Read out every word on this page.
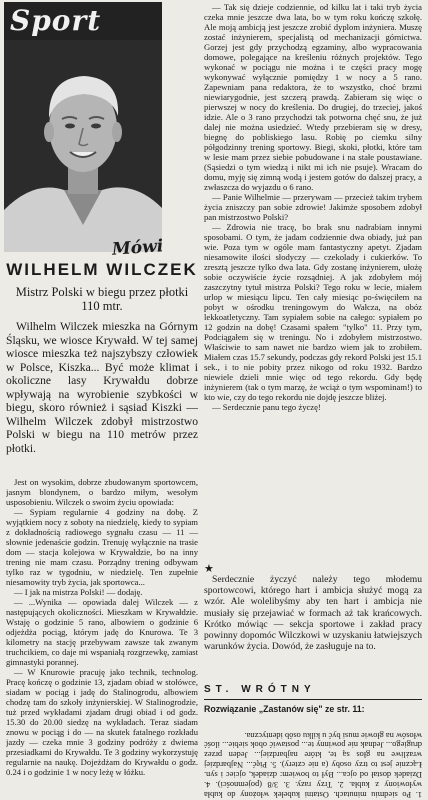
Sport
Mówi
WILHELM WILCZEK
Mistrz Polski w biegu przez płotki 110 mtr.
Wilhelm Wilczek mieszka na Górnym Śląsku, we wiosce Krywałd. W tej samej wiosce mieszka też najszybszy człowiek w Polsce, Kiszka... Być może klimat i okoliczne lasy Krywałdu dobrze wpływają na wyrobienie szybkości w biegu, skoro również i sąsiad Kiszki — Wilhelm Wilczek zdobył mistrzostwo Polski w biegu na 110 metrów przez płotki.

Jest on wysokim, dobrze zbudowanym sportowcem, jasnym blondynem, o bardzo miłym, wesołym usposobieniu. Wilczek o swoim życiu opowiada:

— Sypiam regularnie 4 godziny na dobę. Z wyjątkiem nocy z soboty na niedzielę, kiedy to sypiam z dokładnością radiowego sygnału czasu — 11 — słownie jedenaście godzin. Trenuję wyłącznie na trasie dom — stacja kolejowa w Krywałdzie, bo na inny trening nie mam czasu. Porządny trening odbywam tylko raz w tygodniu, w niedzielę. Ten zupełnie niesamowity tryb życia, jak sportowca...

— I jak na mistrza Polski! — dodaję.

— ...Wynika — opowiada dalej Wilczek — z następujących okoliczności. Mieszkam w Krywałdzie. Wstaję o godzinie 5 rano, albowiem o godzinie 6 odjeżdża pociąg, którym jadę do Knurowa. Te 3 kilometry na stację przebywam zawsze tak zwanym truchcikiem, co daje mi wspaniałą rozgrzewkę, zamiast gimnastyki porannej.

— W Knurowie pracuję jako technik, technolog. Pracę kończę o godzinie 13, zjadam obiad w stołówce, siadam w pociąg i jadę do Stalinogrodu, albowiem chodzę tam do szkoły inżynierskiej. W Stalinogrodzie, tuż przed wykładami zjadam drugi obiad i od godz. 15.30 do 20.00 siedzę na wykładach. Teraz siadam znowu w pociąg i do — na skutek fatalnego rozkładu jazdy — czeka mnie 3 godziny podróży z dwiema przesiadkami do Krywałdu. Te 3 godziny wykorzystuję regularnie na naukę. Dojeżdżam do Krywałdu o godz. 0.24 i o godzinie 1 w nocy leżę w łóżku.

— Tak się dzieje codziennie, od kilku lat i taki tryb życia czeka mnie jeszcze dwa lata, bo w tym roku kończę szkołę. Ale moją ambicją jest jeszcze zrobić dyplom inżyniera. Muszę zostać inżynierem, specjalistą od mechanizacji górnictwa. Gorzej jest gdy przychodzą egzaminy, albo wypracowania domowe, polegające na kreśleniu różnych projektów. Tego wykonać w pociągu nie można i te części pracy mogę wykonywać wyłącznie pomiędzy 1 w nocy a 5 rano. Zapewniam pana redaktora, że to wszystko, choć brzmi niewiarygodnie, jest szczerą prawdą. Zabieram się więc o pierwszej w nocy do kreślenia. Do drugiej, do trzeciej, jakoś idzie. Ale o 3 rano przychodzi tak potworna chęć snu, że już dalej nie można usiedzieć. Wtedy przebieram się w dresy, biegnę do pobliskiego lasu. Robię po ciemku silny półgodzinny trening sportowy. Biegi, skoki, płotki, które tam w lesie mam przez siebie pobudowane i na stałe poustawiane. (Sąsiedzi o tym wiedzą i nikt mi ich nie psuje). Wracam do domu, myję się zimną wodą i jestem gotów do dalszej pracy, a zwłaszcza do wyjazdu o 6 rano.

— Panie Wilhelmie — przerywam — przecież takim trybem życia zniszczy pan sobie zdrowie! Jakimże sposobem zdobył pan mistrzostwo Polski?

— Zdrowia nie tracę, bo brak snu nadrabiam innymi sposobami. O tym, że jadam codziennie dwa obiady, już pan wie. Poza tym w ogóle mam fantastyczny apetyt. Zjadam niesamowite ilości słodyczy — czekolady i cukierków. To zresztą jeszcze tylko dwa lata. Gdy zostanę inżynierem, ułożę sobie oczywiście życie rozsądniej. A jak zdobyłem mój zaszczytny tytuł mistrza Polski? Tego roku w lecie, miałem urlop w miesiącu lipcu. Ten cały miesiąc po-święciłem na pobyt w ośrodku treningowym do Wałcza, na obóz lekkoatletyczny. Tam sypiałem sobie na całego: sypiałem po 12 godzin na dobę! Czasami spałem "tylko" 11. Przy tym, Podciągałem się w treningu. No i zdobyłem mistrzostwo. Właściwie to sam nawet nie bardzo wiem jak to zrobiłem. Miałem czas 15.7 sekundy, podczas gdy rekord Polski jest 15.1 sek., i to nie pobity przez nikogo od roku 1932. Bardzo niewiele dzieli mnie więc od tego rekordu. Gdy będę inżynierem (tak o tym marzę, że wciąż o tym wspominam!) to kto wie, czy do tego rekordu nie dojdę jeszcze bliżej.

— Serdecznie panu tego życzę!

★

Serdecznie życzyć należy tego młodemu sportowcowi, którego hart i ambicja służyć mogą za wzór. Ale wolelibyśmy aby ten hart i ambicja nie musiały się przejawiać w formach aż tak krańcowych. Krótko mówiąc — sekcja sportowe i zakład pracy powinny dopomóc Wilczkowi w uzyskaniu łatwiejszych warunków życia. Dowód, że zasługuje na to.

ST. WRÓTNY
Rozwiązanie „Zastanów się" ze str. 11:
1. Po siedmiu minutach. Ostatni kubełek włożony do kubła wyłowiony z kubła. 2. Trzy razy. 3. 3/8 (pojemności). 4. Dziadek dostał od ojca... Był to bowiem: dziadek, ojciec i syn. Łącznie jest to trzy osoby (a nie cztery). 5. Pięć... Najbardziej wrażliwe na głos są te, które najbardziej... Jeden przez drugiego... Jednak nie powinny te... postawić obok siebie... ilość włosów na głowie musi być u kilku osób identyczna.
